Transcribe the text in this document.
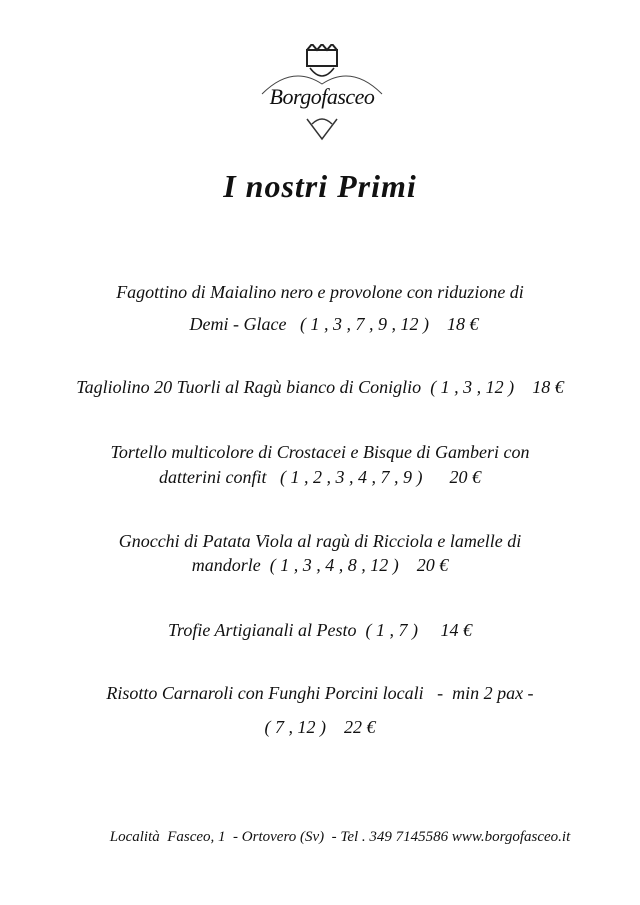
Borgofasceo
I nostri Primi
Fagottino di Maialino nero e provolone con riduzione di
Demi - Glace ( 1 , 3 , 7 , 9 , 12 ) 18 €
Tagliolino 20 Tuorli al Ragù bianco di Coniglio ( 1 , 3 , 12 ) 18 €
Tortello multicolore di Crostacei e Bisque di Gamberi con
datterini confit ( 1 , 2 , 3 , 4 , 7 , 9 ) 20 €
Gnocchi di Patata Viola al ragù di Ricciola e lamelle di
mandorle ( 1 , 3 , 4 , 8 , 12 ) 20 €
Trofie Artigianali al Pesto ( 1 , 7 ) 14 €
Risotto Carnaroli con Funghi Porcini locali -  min 2 pax -
( 7 , 12 ) 22 €
Località  Fasceo, 1  - Ortovero (Sv)  - Tel . 349 7145586 www.borgofasceo.it
